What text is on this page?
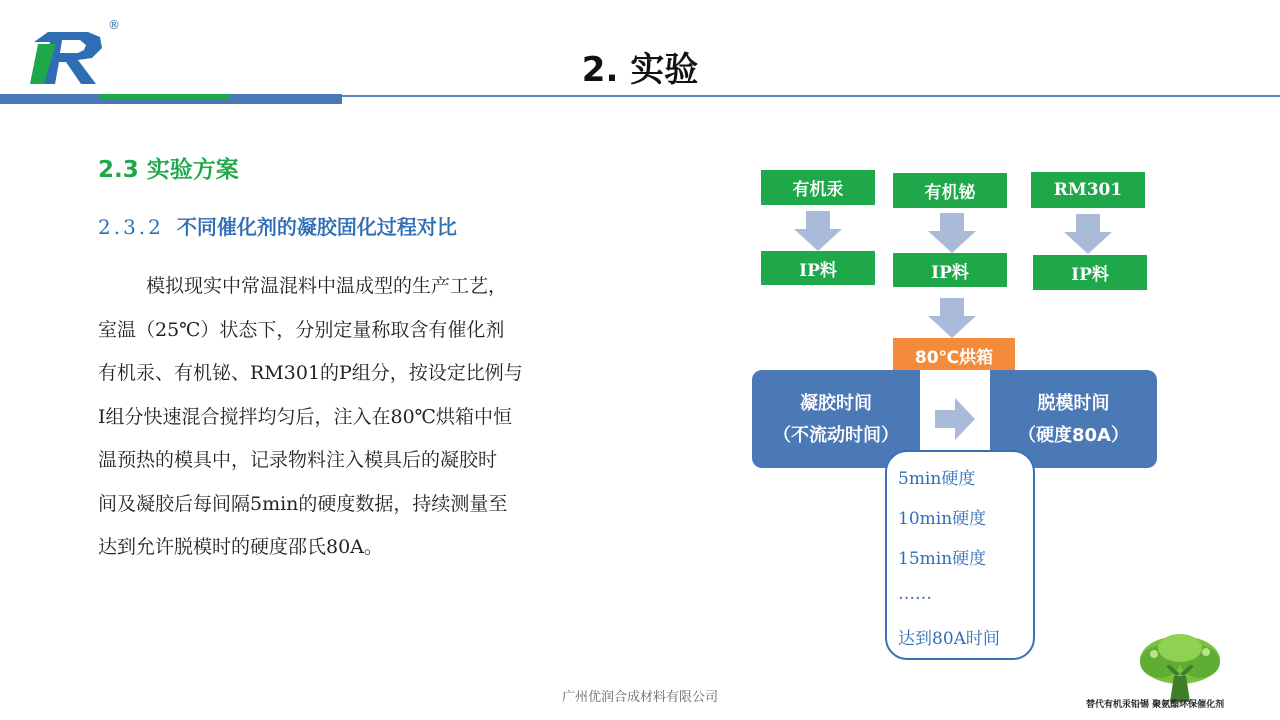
®
2. 实验
2.3 实验方案
2.3.2 不同催化剂的凝胶固化过程对比
模拟现实中常温混料中温成型的生产工艺，
室温（25℃）状态下，分别定量称取含有催化剂
有机汞、有机铋、RM301的P组分，按设定比例与
I组分快速混合搅拌均匀后，注入在80℃烘箱中恒
温预热的模具中，记录物料注入模具后的凝胶时
间及凝胶后每间隔5min的硬度数据，持续测量至
达到允许脱模时的硬度邵氏80A。
有机汞	有机铋	RM301
IP料	IP料	IP料
80℃烘箱
凝胶时间
（不流动时间）
脱模时间
（硬度80A）
5min硬度
10min硬度
15min硬度
……
达到80A时间
广州优润合成材料有限公司	替代有机汞铅锡 聚氨酯环保催化剂
